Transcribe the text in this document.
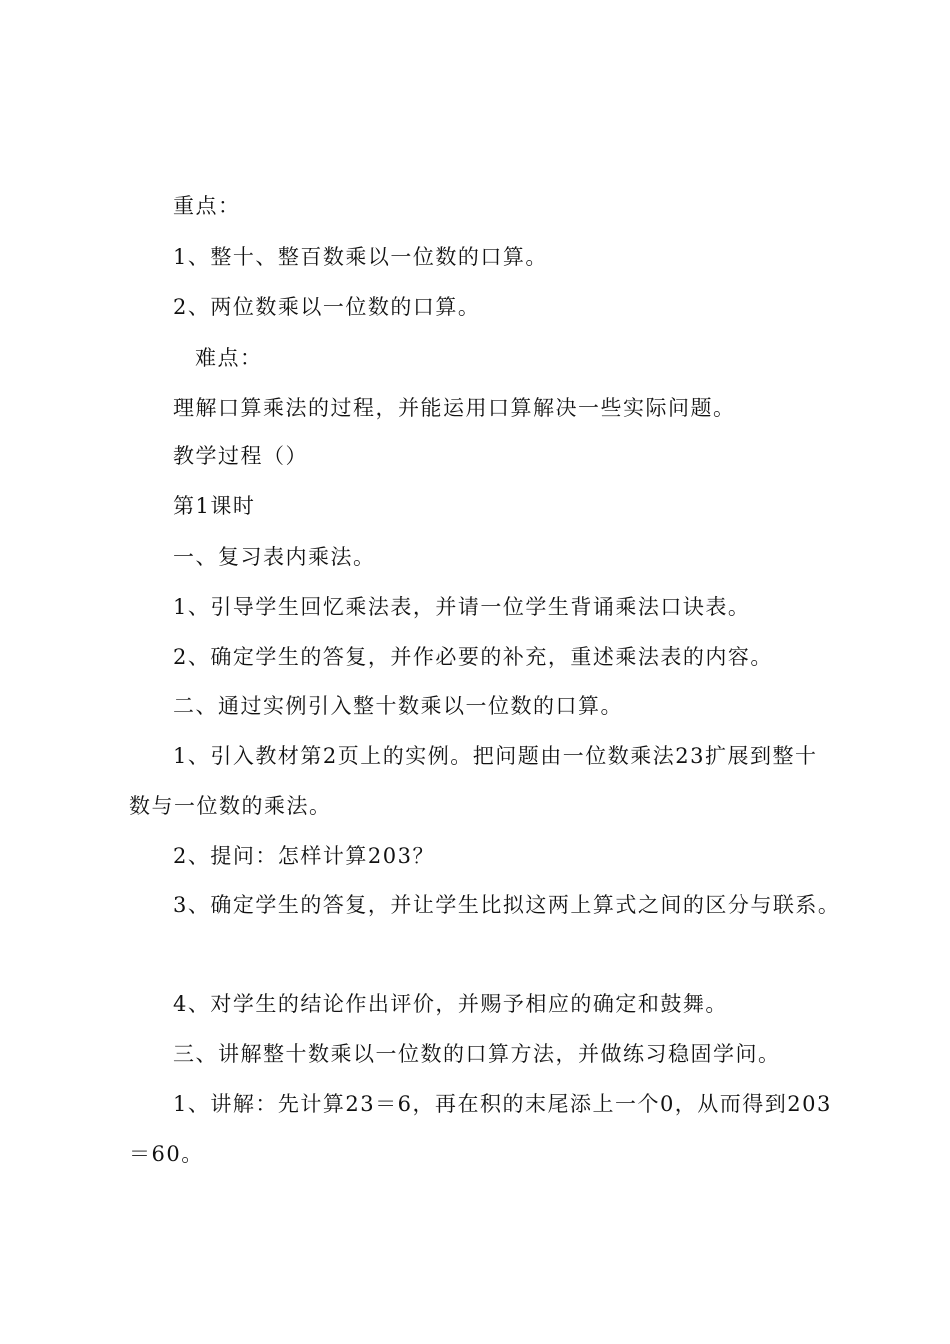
重点：
1、整十、整百数乘以一位数的口算。
2、两位数乘以一位数的口算。
难点：
理解口算乘法的过程，并能运用口算解决一些实际问题。
教学过程（）
第1课时
一、复习表内乘法。
1、引导学生回忆乘法表，并请一位学生背诵乘法口诀表。
2、确定学生的答复，并作必要的补充，重述乘法表的内容。
二、通过实例引入整十数乘以一位数的口算。
1、引入教材第2页上的实例。把问题由一位数乘法23扩展到整十
数与一位数的乘法。
2、提问：怎样计算203？
3、确定学生的答复，并让学生比拟这两上算式之间的区分与联系。
4、对学生的结论作出评价，并赐予相应的确定和鼓舞。
三、讲解整十数乘以一位数的口算方法，并做练习稳固学问。
1、讲解：先计算23＝6，再在积的末尾添上一个0，从而得到203
＝60。
